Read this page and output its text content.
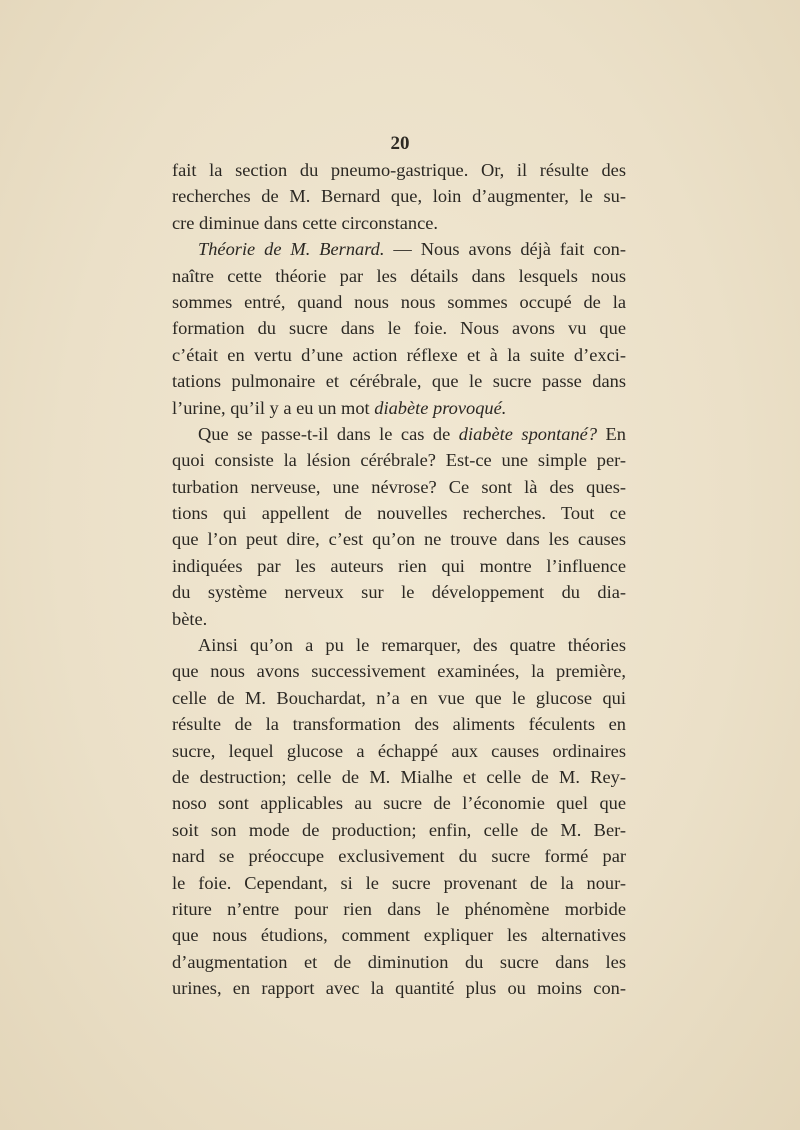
20
fait la section du pneumo-gastrique. Or, il résulte des
recherches de M. Bernard que, loin d’augmenter, le su-
cre diminue dans cette circonstance.
Théorie de M. Bernard. — Nous avons déjà fait con-
naître cette théorie par les détails dans lesquels nous
sommes entré, quand nous nous sommes occupé de la
formation du sucre dans le foie. Nous avons vu que
c’était en vertu d’une action réflexe et à la suite d’exci-
tations pulmonaire et cérébrale, que le sucre passe dans
l’urine, qu’il y a eu un mot diabète provoqué.
Que se passe-t-il dans le cas de diabète spontané? En
quoi consiste la lésion cérébrale? Est-ce une simple per-
turbation nerveuse, une névrose? Ce sont là des ques-
tions qui appellent de nouvelles recherches. Tout ce
que l’on peut dire, c’est qu’on ne trouve dans les causes
indiquées par les auteurs rien qui montre l’influence
du système nerveux sur le développement du dia-
bète.
Ainsi qu’on a pu le remarquer, des quatre théories
que nous avons successivement examinées, la première,
celle de M. Bouchardat, n’a en vue que le glucose qui
résulte de la transformation des aliments féculents en
sucre, lequel glucose a échappé aux causes ordinaires
de destruction; celle de M. Mialhe et celle de M. Rey-
noso sont applicables au sucre de l’économie quel que
soit son mode de production; enfin, celle de M. Ber-
nard se préoccupe exclusivement du sucre formé par
le foie. Cependant, si le sucre provenant de la nour-
riture n’entre pour rien dans le phénomène morbide
que nous étudions, comment expliquer les alternatives
d’augmentation et de diminution du sucre dans les
urines, en rapport avec la quantité plus ou moins con-
